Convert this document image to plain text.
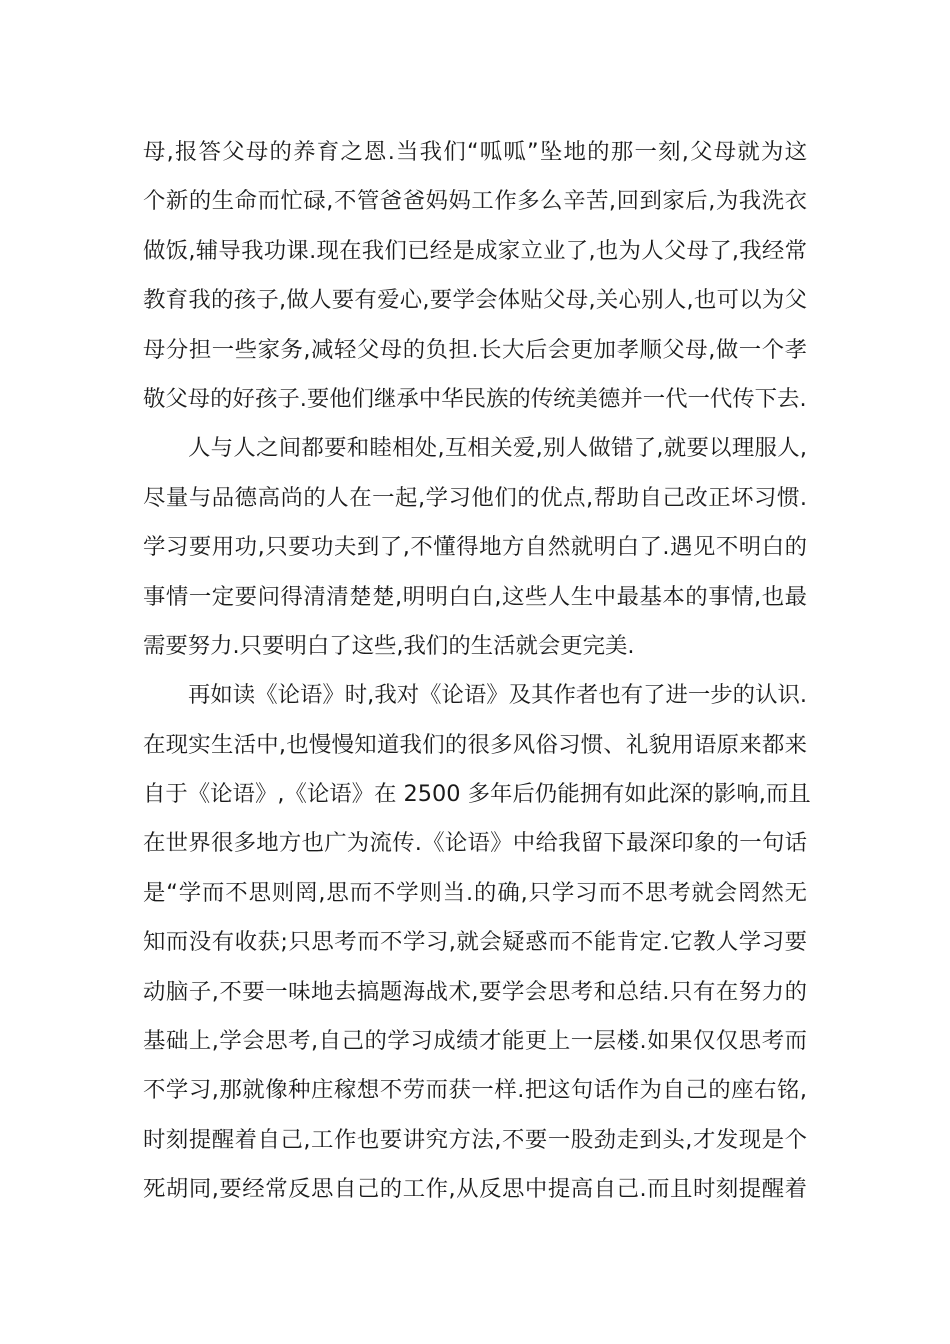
母,报答父母的养育之恩.当我们“呱呱”坠地的那一刻,父母就为这
个新的生命而忙碌,不管爸爸妈妈工作多么辛苦,回到家后,为我洗衣
做饭,辅导我功课.现在我们已经是成家立业了,也为人父母了,我经常
教育我的孩子,做人要有爱心,要学会体贴父母,关心别人,也可以为父
母分担一些家务,减轻父母的负担.长大后会更加孝顺父母,做一个孝
敬父母的好孩子.要他们继承中华民族的传统美德并一代一代传下去.
人与人之间都要和睦相处,互相关爱,别人做错了,就要以理服人,
尽量与品德高尚的人在一起,学习他们的优点,帮助自己改正坏习惯.
学习要用功,只要功夫到了,不懂得地方自然就明白了.遇见不明白的
事情一定要问得清清楚楚,明明白白,这些人生中最基本的事情,也最
需要努力.只要明白了这些,我们的生活就会更完美.
再如读《论语》时,我对《论语》及其作者也有了进一步的认识.
在现实生活中,也慢慢知道我们的很多风俗习惯、礼貌用语原来都来
自于《论语》,《论语》在 2500 多年后仍能拥有如此深的影响,而且
在世界很多地方也广为流传.《论语》中给我留下最深印象的一句话
是“学而不思则罔,思而不学则当.的确,只学习而不思考就会罔然无
知而没有收获;只思考而不学习,就会疑惑而不能肯定.它教人学习要
动脑子,不要一味地去搞题海战术,要学会思考和总结.只有在努力的
基础上,学会思考,自己的学习成绩才能更上一层楼.如果仅仅思考而
不学习,那就像种庄稼想不劳而获一样.把这句话作为自己的座右铭,
时刻提醒着自己,工作也要讲究方法,不要一股劲走到头,才发现是个
死胡同,要经常反思自己的工作,从反思中提高自己.而且时刻提醒着
